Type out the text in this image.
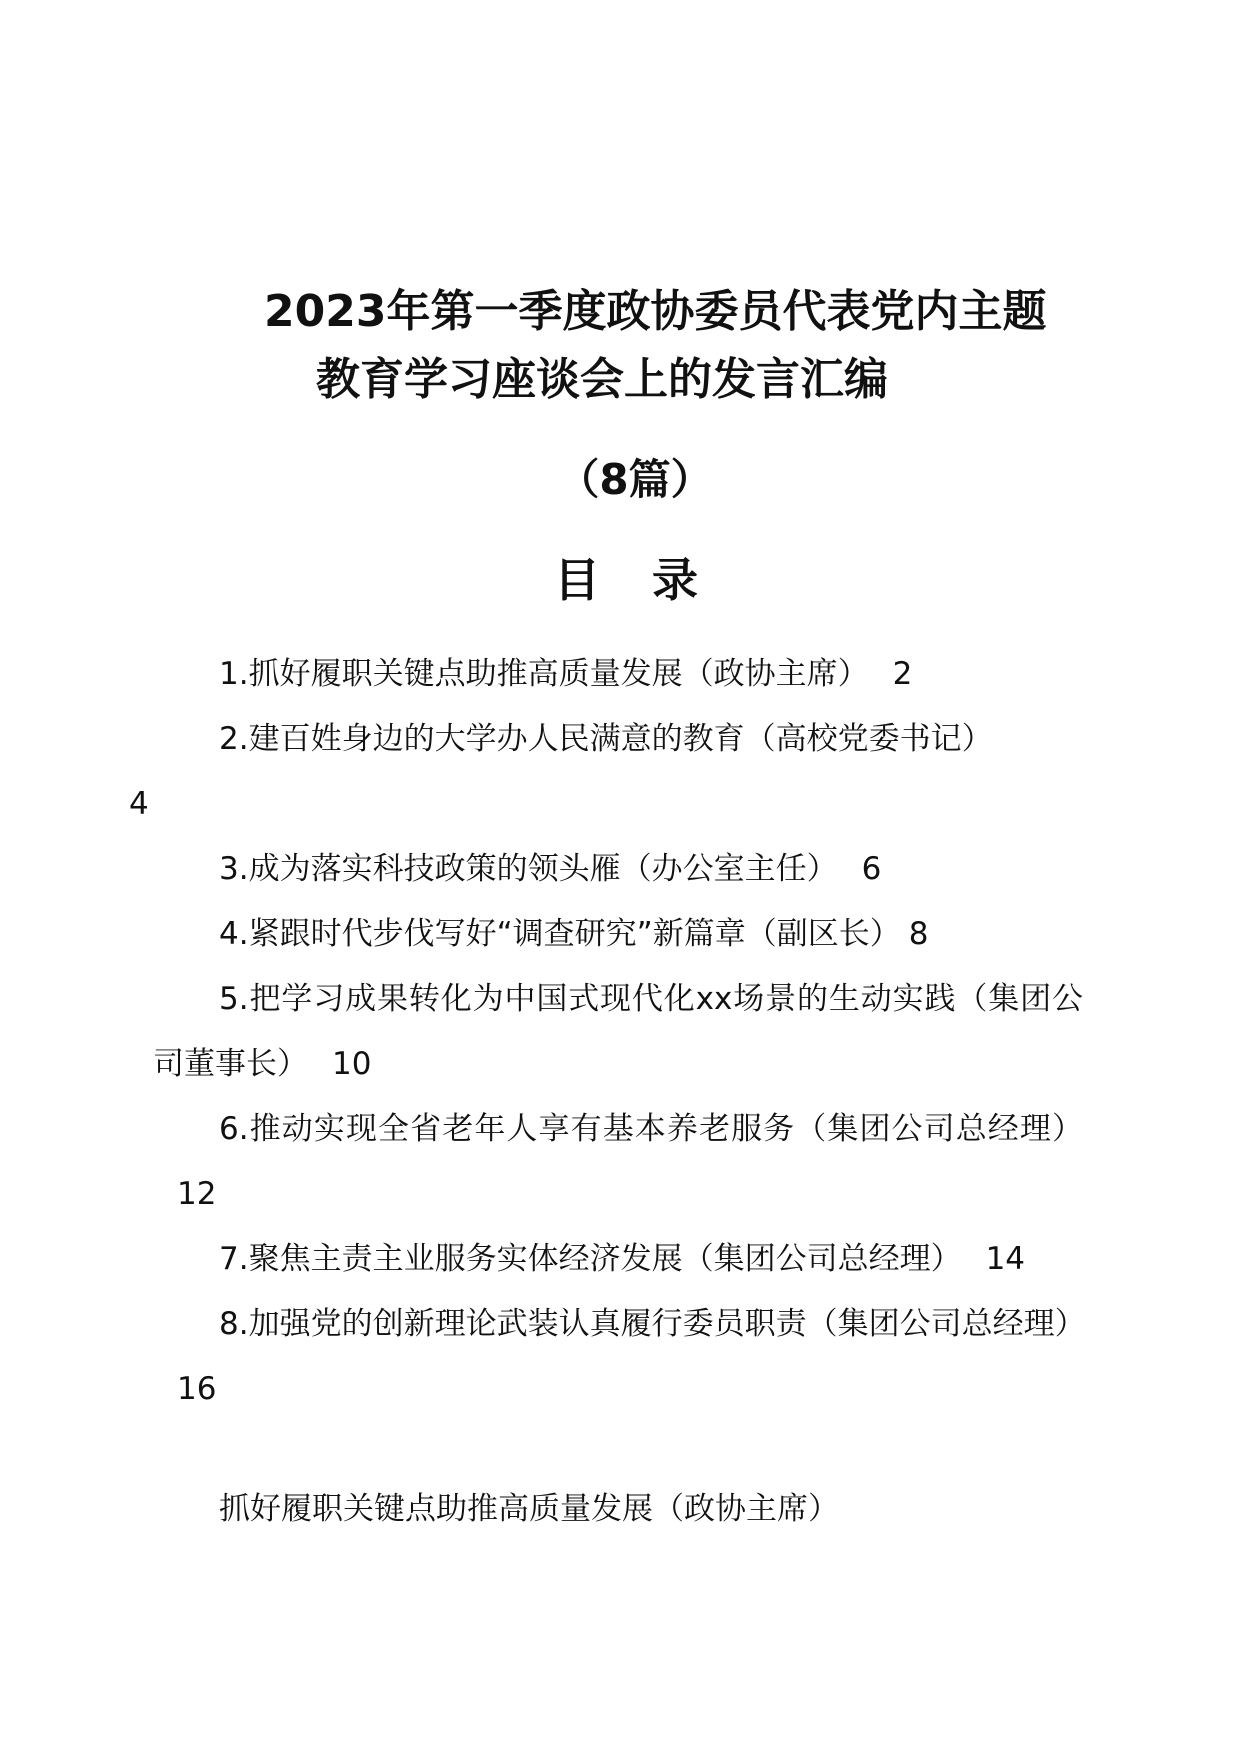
2023年第一季度政协委员代表党内主题
教育学习座谈会上的发言汇编
（8篇）
目 录
1.抓好履职关键点助推高质量发展（政协主席） 2
2.建百姓身边的大学办人民满意的教育（高校党委书记）
4
3.成为落实科技政策的领头雁（办公室主任） 6
4.紧跟时代步伐写好“调查研究”新篇章（副区长） 8
5.把学习成果转化为中国式现代化xx场景的生动实践（集团公司董事长） 10
6.推动实现全省老年人享有基本养老服务（集团公司总经理）12
7.聚焦主责主业服务实体经济发展（集团公司总经理） 14
8.加强党的创新理论武装认真履行委员职责（集团公司总经理）16
抓好履职关键点助推高质量发展（政协主席）
